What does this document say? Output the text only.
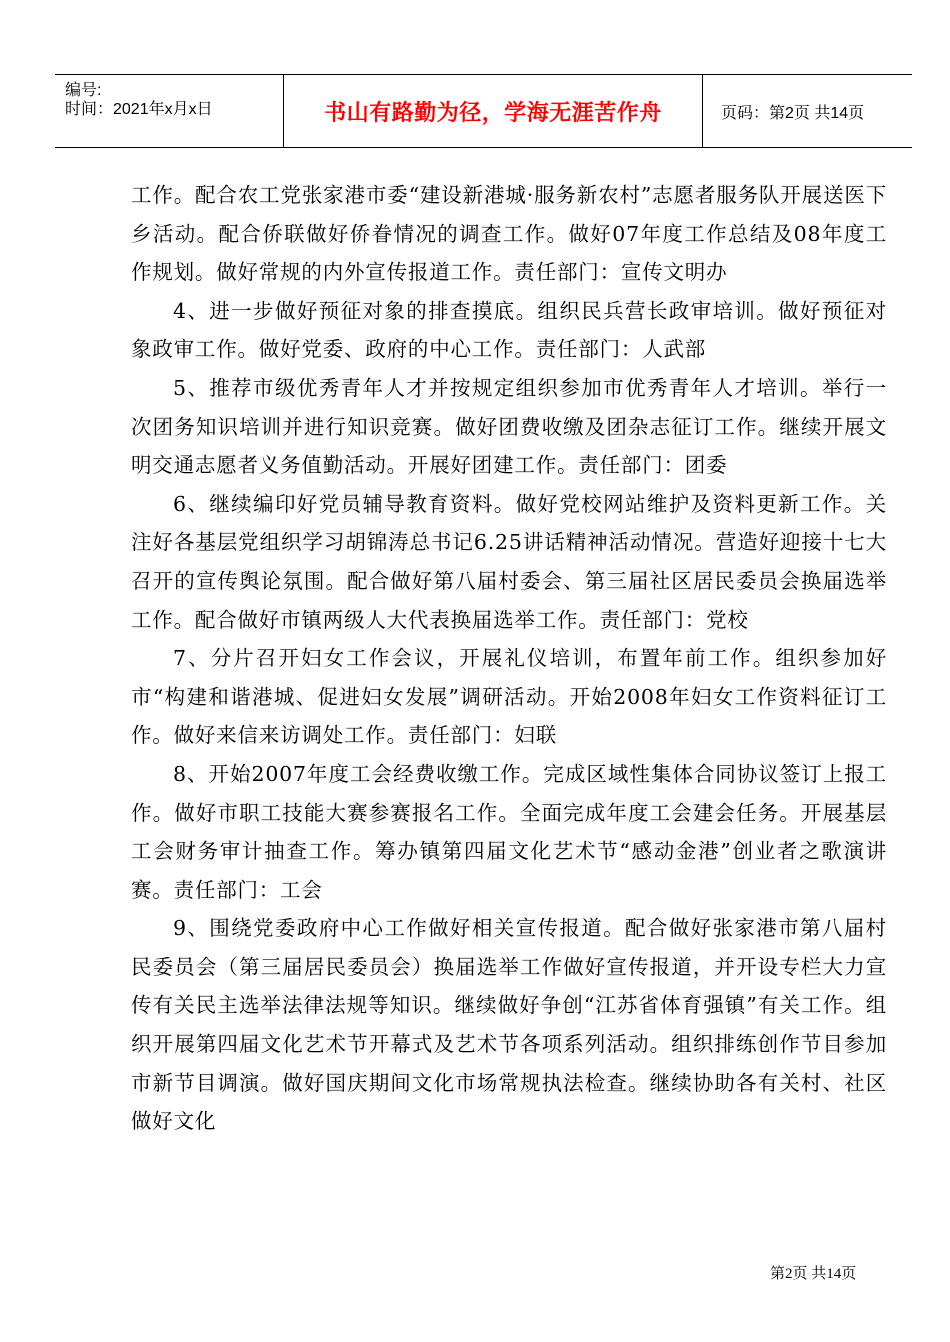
编号:
时间：2021年x月x日	书山有路勤为径，学海无涯苦作舟	页码：第2页 共14页

工作。配合农工党张家港市委“建设新港城·服务新农村”志愿者服务队开展送医下乡活动。配合侨联做好侨眷情况的调查工作。做好07年度工作总结及08年度工作规划。做好常规的内外宣传报道工作。责任部门：宣传文明办

4、进一步做好预征对象的排查摸底。组织民兵营长政审培训。做好预征对象政审工作。做好党委、政府的中心工作。责任部门：人武部

5、推荐市级优秀青年人才并按规定组织参加市优秀青年人才培训。举行一次团务知识培训并进行知识竞赛。做好团费收缴及团杂志征订工作。继续开展文明交通志愿者义务值勤活动。开展好团建工作。责任部门：团委

6、继续编印好党员辅导教育资料。做好党校网站维护及资料更新工作。关注好各基层党组织学习胡锦涛总书记6.25讲话精神活动情况。营造好迎接十七大召开的宣传舆论氛围。配合做好第八届村委会、第三届社区居民委员会换届选举工作。配合做好市镇两级人大代表换届选举工作。责任部门：党校

7、分片召开妇女工作会议，开展礼仪培训，布置年前工作。组织参加好市“构建和谐港城、促进妇女发展”调研活动。开始2008年妇女工作资料征订工作。做好来信来访调处工作。责任部门：妇联

8、开始2007年度工会经费收缴工作。完成区域性集体合同协议签订上报工作。做好市职工技能大赛参赛报名工作。全面完成年度工会建会任务。开展基层工会财务审计抽查工作。筹办镇第四届文化艺术节“感动金港”创业者之歌演讲赛。责任部门：工会

9、围绕党委政府中心工作做好相关宣传报道。配合做好张家港市第八届村民委员会（第三届居民委员会）换届选举工作做好宣传报道，并开设专栏大力宣传有关民主选举法律法规等知识。继续做好争创“江苏省体育强镇”有关工作。组织开展第四届文化艺术节开幕式及艺术节各项系列活动。组织排练创作节目参加市新节目调演。做好国庆期间文化市场常规执法检查。继续协助各有关村、社区做好文化

第2页 共14页
